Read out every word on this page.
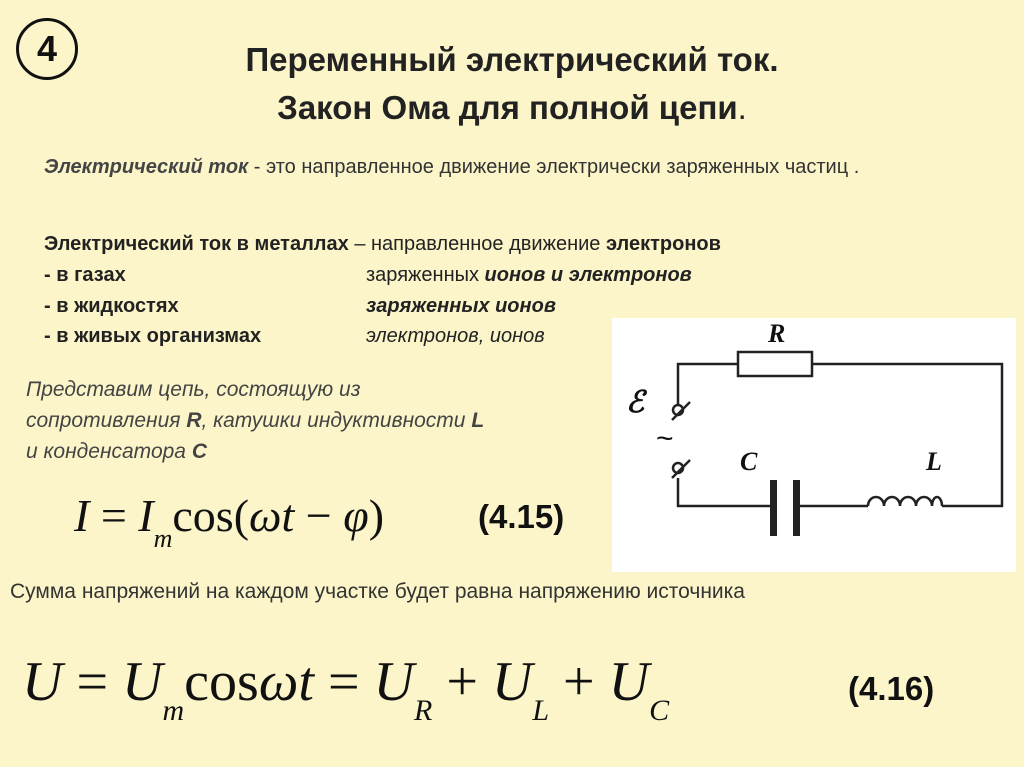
4	Переменный электрический ток.
Закон Ома для полной цепи.
Электрический ток - это направленное движение электрически заряженных частиц .
Электрический ток в металлах – направленное движение электронов
- в газах	заряженных ионов и электронов
- в жидкостях	заряженных ионов
- в живых организмах	электронов, ионов
Представим цепь, состоящую из
сопротивления R, катушки индуктивности L
и конденсатора С
$I = I_m\cos(\omega t - \varphi)$	(4.15)
R
ℰ
~
C	L
Сумма напряжений на каждом участке будет равна напряжению источника
$U = U_m\cos\omega t = U_R + U_L + U_C$
(4.16)
